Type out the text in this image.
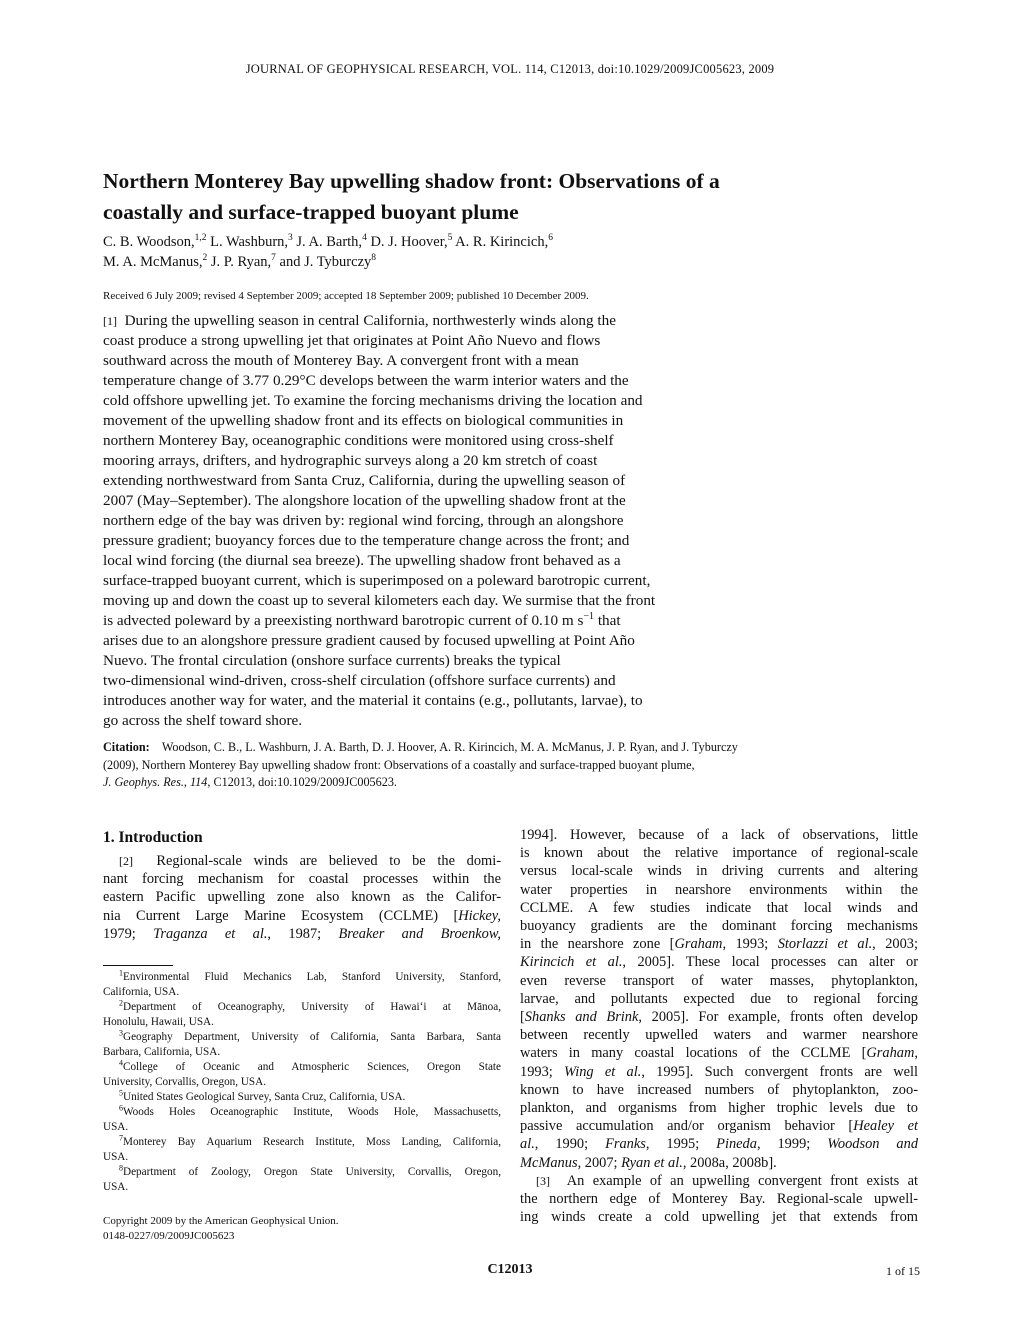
JOURNAL OF GEOPHYSICAL RESEARCH, VOL. 114, C12013, doi:10.1029/2009JC005623, 2009
Northern Monterey Bay upwelling shadow front: Observations of a
coastally and surface-trapped buoyant plume
C. B. Woodson,$^{1,2}$ L. Washburn,$^3$ J. A. Barth,$^4$ D. J. Hoover,$^5$ A. R. Kirincich,$^6$
M. A. McManus,$^2$ J. P. Ryan,$^7$ and J. Tyburczy$^8$
Received 6 July 2009; revised 4 September 2009; accepted 18 September 2009; published 10 December 2009.
[1] During the upwelling season in central California, northwesterly winds along the
coast produce a strong upwelling jet that originates at Point Año Nuevo and flows
southward across the mouth of Monterey Bay. A convergent front with a mean
temperature change of 3.77 0.29°C develops between the warm interior waters and the
cold offshore upwelling jet. To examine the forcing mechanisms driving the location and
movement of the upwelling shadow front and its effects on biological communities in
northern Monterey Bay, oceanographic conditions were monitored using cross-shelf
mooring arrays, drifters, and hydrographic surveys along a 20 km stretch of coast
extending northwestward from Santa Cruz, California, during the upwelling season of
2007 (May–September). The alongshore location of the upwelling shadow front at the
northern edge of the bay was driven by: regional wind forcing, through an alongshore
pressure gradient; buoyancy forces due to the temperature change across the front; and
local wind forcing (the diurnal sea breeze). The upwelling shadow front behaved as a
surface-trapped buoyant current, which is superimposed on a poleward barotropic current,
moving up and down the coast up to several kilometers each day. We surmise that the front
is advected poleward by a preexisting northward barotropic current of 0.10 m $s^{-1}$ that
arises due to an alongshore pressure gradient caused by focused upwelling at Point Año
Nuevo. The frontal circulation (onshore surface currents) breaks the typical
two-dimensional wind-driven, cross-shelf circulation (offshore surface currents) and
introduces another way for water, and the material it contains (e.g., pollutants, larvae), to
go across the shelf toward shore.
Citation: Woodson, C. B., L. Washburn, J. A. Barth, D. J. Hoover, A. R. Kirincich, M. A. McManus, J. P. Ryan, and J. Tyburczy
(2009), Northern Monterey Bay upwelling shadow front: Observations of a coastally and surface-trapped buoyant plume,
J. Geophys. Res., 114, C12013, doi:10.1029/2009JC005623.
1. Introduction
[2] Regional-scale winds are believed to be the domi-
nant forcing mechanism for coastal processes within the
eastern Pacific upwelling zone also known as the Califor-
nia Current Large Marine Ecosystem (CCLME) [Hickey,
1979; Traganza et al., 1987; Breaker and Broenkow,
$^1$Environmental Fluid Mechanics Lab, Stanford University, Stanford,
California, USA.
$^2$Department of Oceanography, University of Hawai‘i at Mānoa,
Honolulu, Hawaii, USA.
$^3$Geography Department, University of California, Santa Barbara, Santa
Barbara, California, USA.
$^4$College of Oceanic and Atmospheric Sciences, Oregon State
University, Corvallis, Oregon, USA.
$^5$United States Geological Survey, Santa Cruz, California, USA.
$^6$Woods Holes Oceanographic Institute, Woods Hole, Massachusetts,
USA.
$^7$Monterey Bay Aquarium Research Institute, Moss Landing, California,
USA.
$^8$Department of Zoology, Oregon State University, Corvallis, Oregon,
USA.
Copyright 2009 by the American Geophysical Union.
0148-0227/09/2009JC005623
1994]. However, because of a lack of observations, little
is known about the relative importance of regional-scale
versus local-scale winds in driving currents and altering
water properties in nearshore environments within the
CCLME. A few studies indicate that local winds and
buoyancy gradients are the dominant forcing mechanisms
in the nearshore zone [Graham, 1993; Storlazzi et al., 2003;
Kirincich et al., 2005]. These local processes can alter or
even reverse transport of water masses, phytoplankton,
larvae, and pollutants expected due to regional forcing
[Shanks and Brink, 2005]. For example, fronts often develop
between recently upwelled waters and warmer nearshore
waters in many coastal locations of the CCLME [Graham,
1993; Wing et al., 1995]. Such convergent fronts are well
known to have increased numbers of phytoplankton, zoo-
plankton, and organisms from higher trophic levels due to
passive accumulation and/or organism behavior [Healey et
al., 1990; Franks, 1995; Pineda, 1999; Woodson and
McManus, 2007; Ryan et al., 2008a, 2008b].
[3] An example of an upwelling convergent front exists at
the northern edge of Monterey Bay. Regional-scale upwell-
ing winds create a cold upwelling jet that extends from
C12013	1 of 15
